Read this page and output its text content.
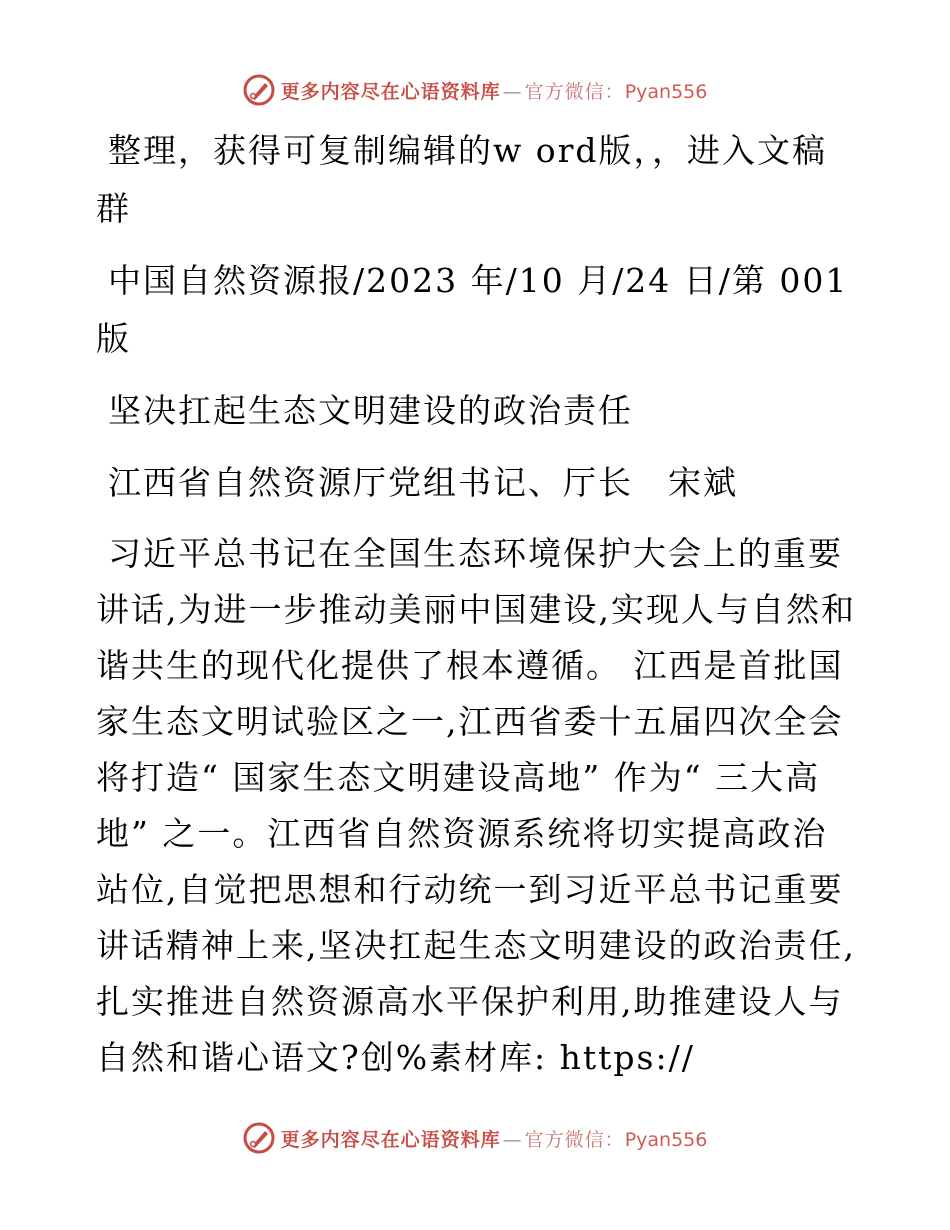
更多内容尽在心语资料库 — 官方微信：Pyan556

整理，获得可复制编辑的w ord版，，进入文稿群

中国自然资源报/2023 年/10 月/24 日/第 001 版

坚决扛起生态文明建设的政治责任

江西省自然资源厅党组书记、厅长　宋斌

习近平总书记在全国生态环境保护大会上的重要讲话,为进一步推动美丽中国建设,实现人与自然和谐共生的现代化提供了根本遵循。 江西是首批国家生态文明试验区之一,江西省委十五届四次全会将打造“ 国家生态文明建设高地” 作为“ 三大高地” 之一。江西省自然资源系统将切实提高政治站位,自觉把思想和行动统一到习近平总书记重要讲话精神上来,坚决扛起生态文明建设的政治责任,扎实推进自然资源高水平保护利用,助推建设人与自然和谐心语文?创%素材库: https://

更多内容尽在心语资料库 — 官方微信：Pyan556
